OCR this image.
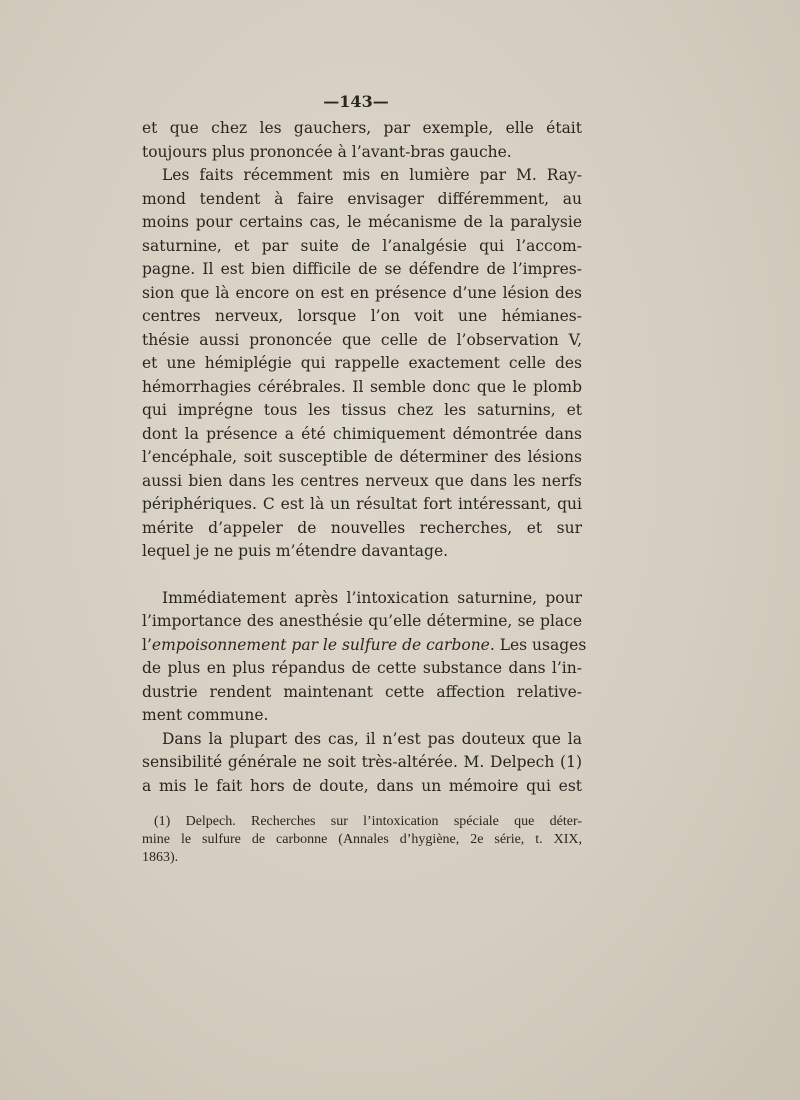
—143—

et que chez les gauchers, par exemple, elle était
toujours plus prononcée à l’avant-bras gauche.

Les faits récemment mis en lumière par M. Ray-
mond tendent à faire envisager différemment, au
moins pour certains cas, le mécanisme de la paralysie
saturnine, et par suite de l’analgésie qui l’accom-
pagne. Il est bien difficile de se défendre de l’impres-
sion que là encore on est en présence d’une lésion des
centres nerveux, lorsque l’on voit une hémianes-
thésie aussi prononcée que celle de l’observation V,
et une hémiplégie qui rappelle exactement celle des
hémorrhagies cérébrales. Il semble donc que le plomb
qui imprégne tous les tissus chez les saturnins, et
dont la présence a été chimiquement démontrée dans
l’encéphale, soit susceptible de déterminer des lésions
aussi bien dans les centres nerveux que dans les nerfs
périphériques. C est là un résultat fort intéressant, qui
mérite d’appeler de nouvelles recherches, et sur
lequel je ne puis m’étendre davantage.

Immédiatement après l’intoxication saturnine, pour
l’importance des anesthésie qu’elle détermine, se place
l’empoisonnement par le sulfure de carbone. Les usages
de plus en plus répandus de cette substance dans l’in-
dustrie rendent maintenant cette affection relative-
ment commune.

Dans la plupart des cas, il n’est pas douteux que la
sensibilité générale ne soit très-altérée. M. Delpech (1)
a mis le fait hors de doute, dans un mémoire qui est

(1) Delpech. Recherches sur l’intoxication spéciale que déter-
mine le sulfure de carbonne (Annales d’hygiène, 2e série, t. XIX,
1863).
